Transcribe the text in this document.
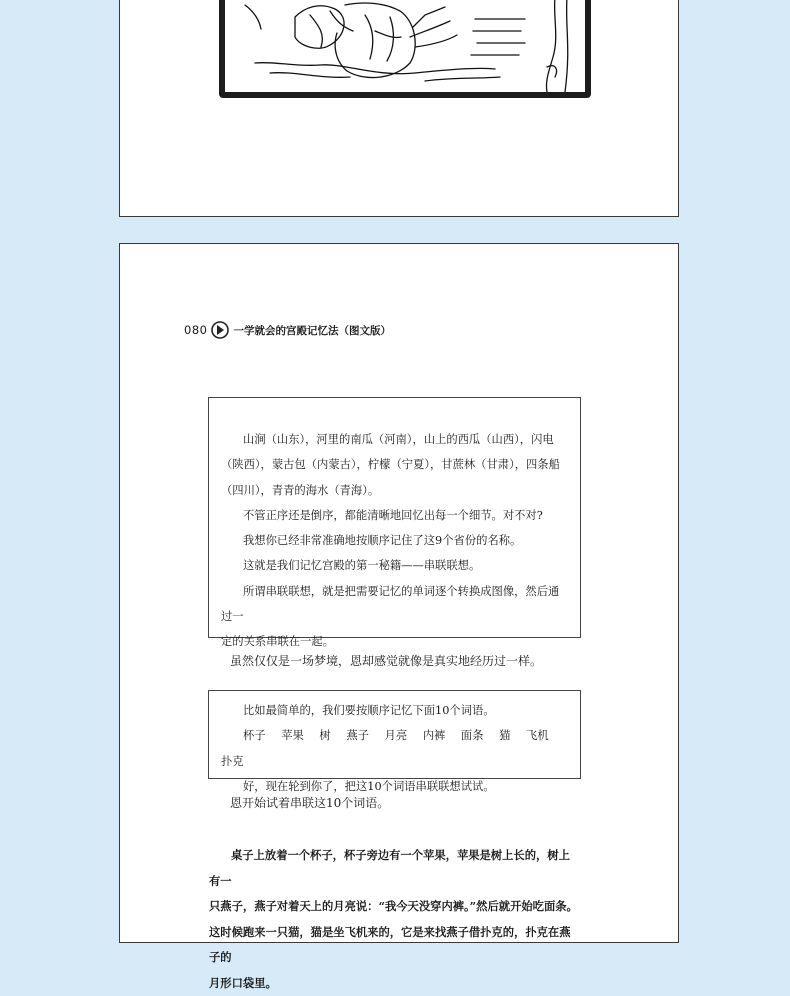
080 一学就会的宫殿记忆法（图文版）

山涧（山东），河里的南瓜（河南），山上的西瓜（山西），闪电

（陕西），蒙古包（内蒙古），柠檬（宁夏），甘蔗林（甘肃），四条船

（四川），青青的海水（青海）。

不管正序还是倒序，都能清晰地回忆出每一个细节。对不对?

我想你已经非常准确地按顺序记住了这9个省份的名称。

这就是我们记忆宫殿的第一秘籍——串联联想。

所谓串联联想，就是把需要记忆的单词逐个转换成图像，然后通过一

定的关系串联在一起。

虽然仅仅是一场梦境，恩却感觉就像是真实地经历过一样。

比如最简单的，我们要按顺序记忆下面10个词语。

杯子 苹果 树 燕子 月亮 内裤 面条 猫 飞机 扑克

好，现在轮到你了，把这10个词语串联联想试试。

恩开始试着串联这10个词语。

桌子上放着一个杯子，杯子旁边有一个苹果，苹果是树上长的，树上有一

只燕子，燕子对着天上的月亮说：“我今天没穿内裤。”然后就开始吃面条。

这时候跑来一只猫，猫是坐飞机来的，它是来找燕子借扑克的，扑克在燕子的

月形口袋里。
